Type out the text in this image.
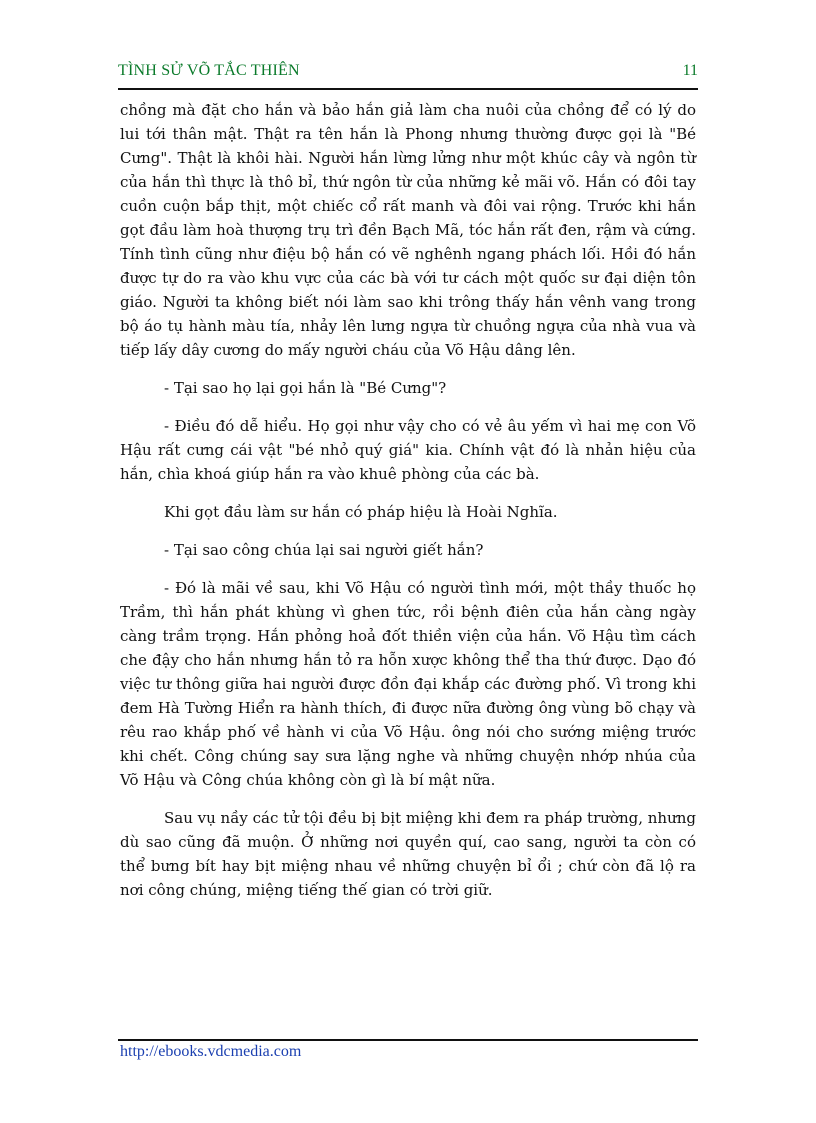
TÌNH SỬ VÕ TẮC THIÊN	11

chồng mà đặt cho hắn và bảo hắn giả làm cha nuôi của chồng để có lý do lui tới thân mật. Thật ra tên hắn là Phong nhưng thường được gọi là "Bé Cưng". Thật là khôi hài. Người hắn lừng lửng như một khúc cây và ngôn từ của hắn thì thực là thô bỉ, thứ ngôn từ của những kẻ mãi võ. Hắn có đôi tay cuồn cuộn bắp thịt, một chiếc cổ rất manh và đôi vai rộng. Trước khi hắn gọt đầu làm hoà thượng trụ trì đền Bạch Mã, tóc hắn rất đen, rậm và cứng. Tính tình cũng như điệu bộ hắn có vẽ nghênh ngang phách lối. Hồi đó hắn được tự do ra vào khu vực của các bà với tư cách một quốc sư đại diện tôn giáo. Người ta không biết nói làm sao khi trông thấy hắn vênh vang trong bộ áo tụ hành màu tía, nhảy lên lưng ngựa từ chuồng ngựa của nhà vua và tiếp lấy dây cương do mấy người cháu của Võ Hậu dâng lên.

- Tại sao họ lại gọi hắn là "Bé Cưng"?

- Điều đó dễ hiểu. Họ gọi như vậy cho có vẻ âu yếm vì hai mẹ con Võ Hậu rất cưng cái vật "bé nhỏ quý giá" kia. Chính vật đó là nhản hiệu của hắn, chìa khoá giúp hắn ra vào khuê phòng của các bà.

Khi gọt đầu làm sư hắn có pháp hiệu là Hoài Nghĩa.

- Tại sao công chúa lại sai người giết hắn?

- Đó là mãi về sau, khi Võ Hậu có người tình mới, một thầy thuốc họ Trầm, thì hắn phát khùng vì ghen tức, rồi bệnh điên của hắn càng ngày càng trầm trọng. Hắn phỏng hoả đốt thiền viện của hắn. Võ Hậu tìm cách che đậy cho hắn nhưng hắn tỏ ra hỗn xược không thể tha thứ được. Dạo đó việc tư thông giữa hai người được đồn đại khắp các đường phố. Vì trong khi đem Hà Tường Hiển ra hành thích, đi được nữa đường ông vùng bõ chạy và rêu rao khắp phố về hành vi của Võ Hậu. ông nói cho sướng miệng trước khi chết. Công chúng say sưa lặng nghe và những chuyện nhớp nhúa của Võ Hậu và Công chúa không còn gì là bí mật nữa.

Sau vụ nầy các tử tội đều bị bịt miệng khi đem ra pháp trường, nhưng dù sao cũng đã muộn. Ở những nơi quyền quí, cao sang, người ta còn có thể bưng bít hay bịt miệng nhau về những chuyện bỉ ổi ; chứ còn đã lộ ra nơi công chúng, miệng tiếng thế gian có trời giữ.

http://ebooks.vdcmedia.com
